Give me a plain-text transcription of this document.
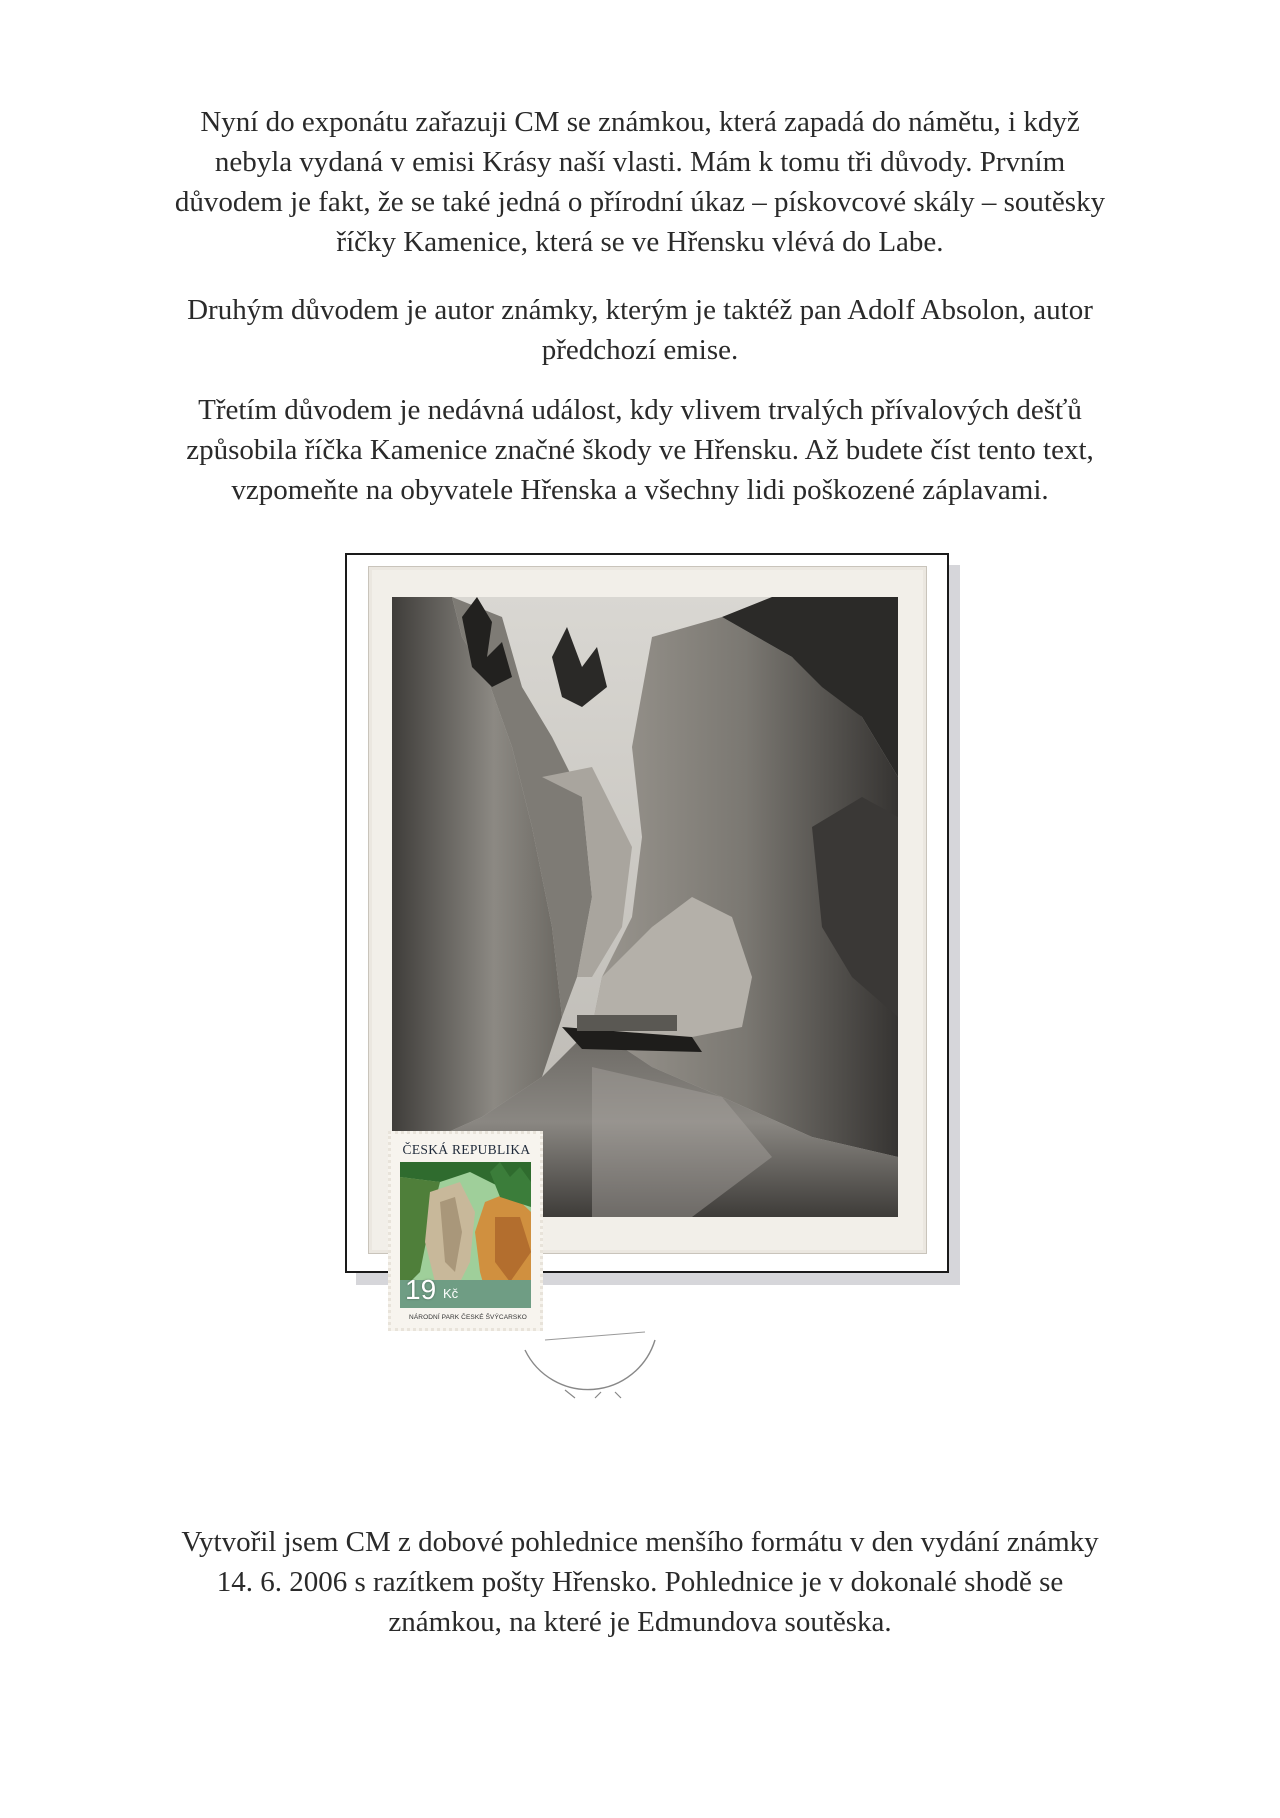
Nyní do exponátu zařazuji CM se známkou, která zapadá do námětu, i když
nebyla vydaná v emisi Krásy naší vlasti. Mám k tomu tři důvody. Prvním
důvodem je fakt, že se také jedná o přírodní úkaz – pískovcové skály – soutěsky
říčky Kamenice, která se ve Hřensku vlévá do Labe.
Druhým důvodem je autor známky, kterým je taktéž pan Adolf Absolon, autor
předchozí emise.
Třetím důvodem je nedávná událost, kdy vlivem trvalých přívalových dešťů
způsobila říčka Kamenice značné škody ve Hřensku. Až budete číst tento text,
vzpomeňte na obyvatele Hřenska a všechny lidi poškozené záplavami.
ČESKÁ REPUBLIKA
19 Kč
NÁRODNÍ PARK ČESKÉ ŠVÝCARSKO
Vytvořil jsem CM z dobové pohlednice menšího formátu v den vydání známky
14. 6. 2006 s razítkem pošty Hřensko. Pohlednice je v dokonalé shodě se
známkou, na které je Edmundova soutěska.
